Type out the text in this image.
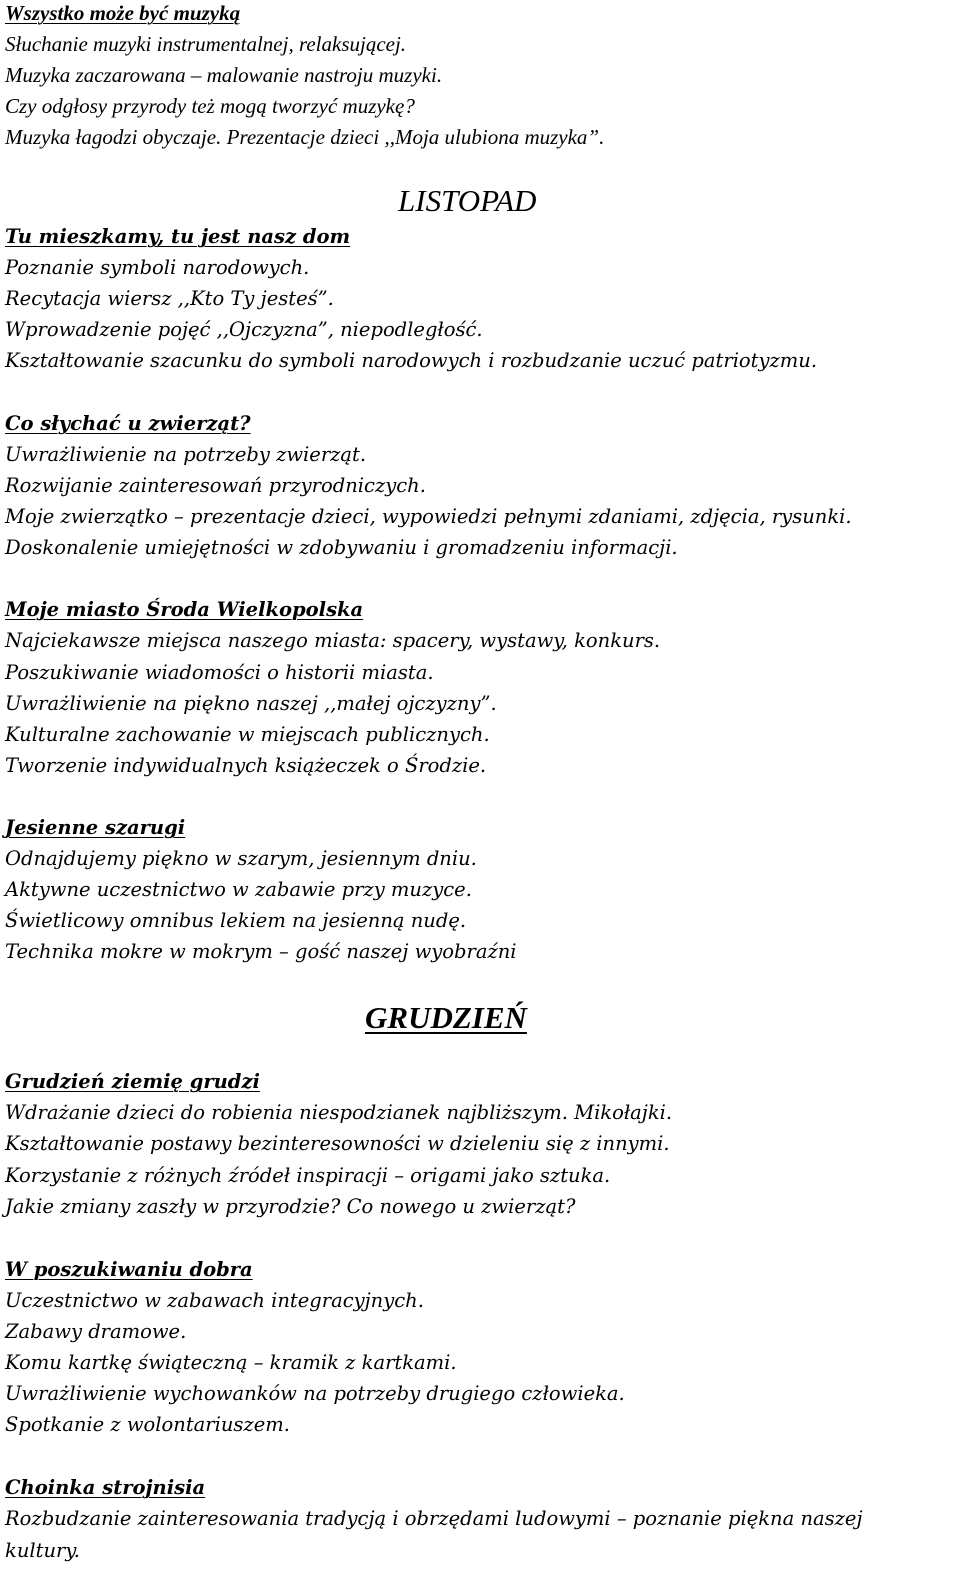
Wszystko może być muzyką
Słuchanie muzyki instrumentalnej, relaksującej.
Muzyka zaczarowana – malowanie nastroju muzyki.
Czy odgłosy przyrody też mogą tworzyć muzykę?
Muzyka łagodzi obyczaje. Prezentacje dzieci ,,Moja ulubiona muzyka”.
LISTOPAD
Tu mieszkamy, tu jest nasz dom
Poznanie symboli narodowych.
Recytacja wiersz ,,Kto Ty jesteś”.
Wprowadzenie pojęć ,,Ojczyzna”, niepodległość.
Kształtowanie szacunku do symboli narodowych i rozbudzanie uczuć patriotyzmu.
Co słychać u zwierząt?
Uwrażliwienie na potrzeby zwierząt.
Rozwijanie zainteresowań przyrodniczych.
Moje zwierzątko – prezentacje dzieci, wypowiedzi pełnymi zdaniami, zdjęcia, rysunki.
Doskonalenie umiejętności w zdobywaniu i gromadzeniu informacji.
Moje miasto Środa Wielkopolska
Najciekawsze miejsca naszego miasta: spacery, wystawy, konkurs.
Poszukiwanie wiadomości o historii miasta.
Uwrażliwienie na piękno naszej ,,małej ojczyzny”.
Kulturalne zachowanie w miejscach publicznych.
Tworzenie indywidualnych książeczek o Środzie.
Jesienne szarugi
Odnajdujemy piękno w szarym, jesiennym dniu.
Aktywne uczestnictwo w zabawie przy muzyce.
Świetlicowy omnibus lekiem na jesienną nudę.
Technika mokre w mokrym – gość naszej wyobraźni
GRUDZIEŃ
Grudzień ziemię grudzi
Wdrażanie dzieci do robienia niespodzianek najbliższym. Mikołajki.
Kształtowanie postawy bezinteresowności w dzieleniu się z innymi.
Korzystanie z różnych źródeł inspiracji – origami jako sztuka.
Jakie zmiany zaszły w przyrodzie? Co nowego u zwierząt?
W poszukiwaniu dobra
Uczestnictwo w zabawach integracyjnych.
Zabawy dramowe.
Komu kartkę świąteczną – kramik z kartkami.
Uwrażliwienie wychowanków na potrzeby drugiego człowieka.
Spotkanie z wolontariuszem.
Choinka strojnisia
Rozbudzanie zainteresowania tradycją i obrzędami ludowymi – poznanie piękna naszej
kultury.
